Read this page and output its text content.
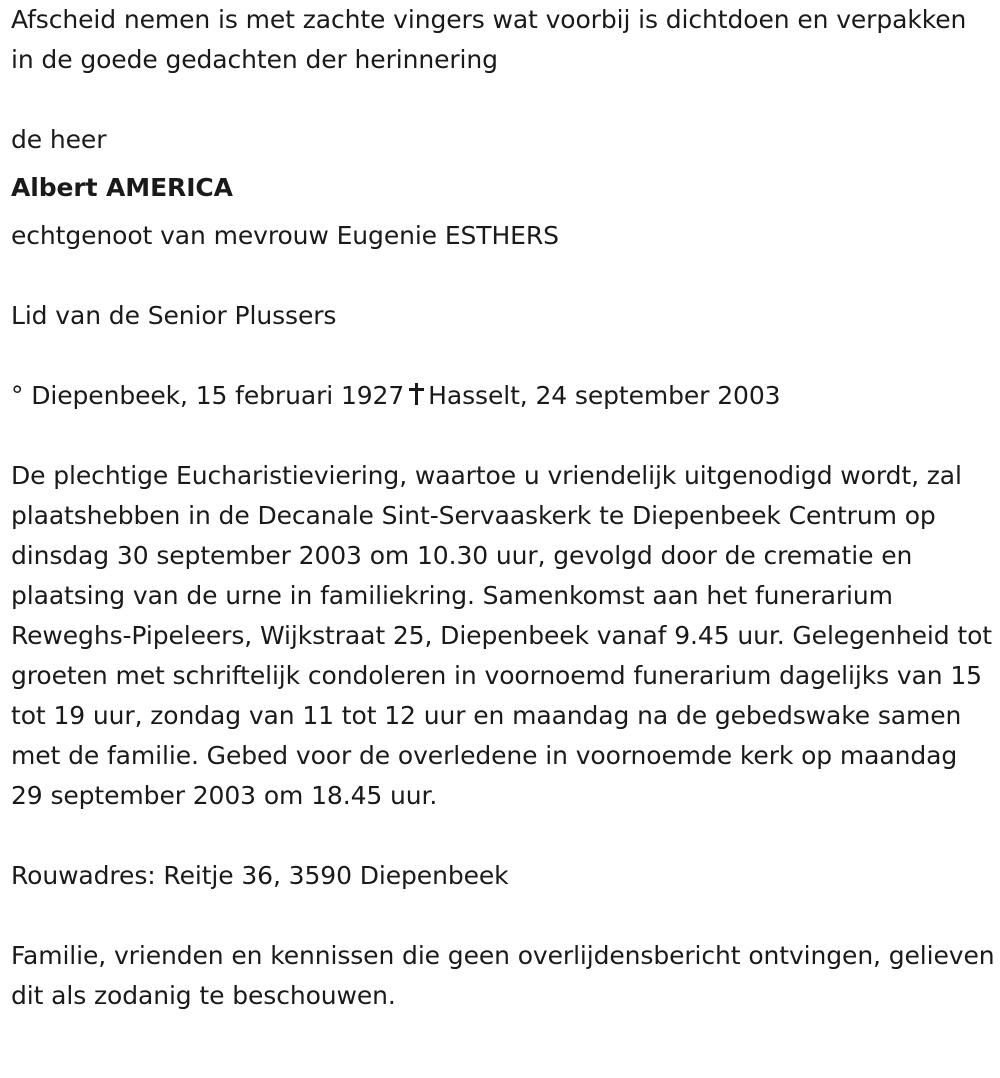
Afscheid nemen is met zachte vingers wat voorbij is dichtdoen en verpakken in de goede gedachten der herinnering

de heer

Albert AMERICA

echtgenoot van mevrouw Eugenie ESTHERS

Lid van de Senior Plussers

° Diepenbeek, 15 februari 1927 Hasselt, 24 september 2003

De plechtige Eucharistieviering, waartoe u vriendelijk uitgenodigd wordt, zal plaatshebben in de Decanale Sint-Servaaskerk te Diepenbeek Centrum op dinsdag 30 september 2003 om 10.30 uur, gevolgd door de crematie en plaatsing van de urne in familiekring. Samenkomst aan het funerarium Reweghs-Pipeleers, Wijkstraat 25, Diepenbeek vanaf 9.45 uur. Gelegenheid tot groeten met schriftelijk condoleren in voornoemd funerarium dagelijks van 15 tot 19 uur, zondag van 11 tot 12 uur en maandag na de gebedswake samen met de familie. Gebed voor de overledene in voornoemde kerk op maandag 29 september 2003 om 18.45 uur.

Rouwadres: Reitje 36, 3590 Diepenbeek

Familie, vrienden en kennissen die geen overlijdensbericht ontvingen, gelieven dit als zodanig te beschouwen.
